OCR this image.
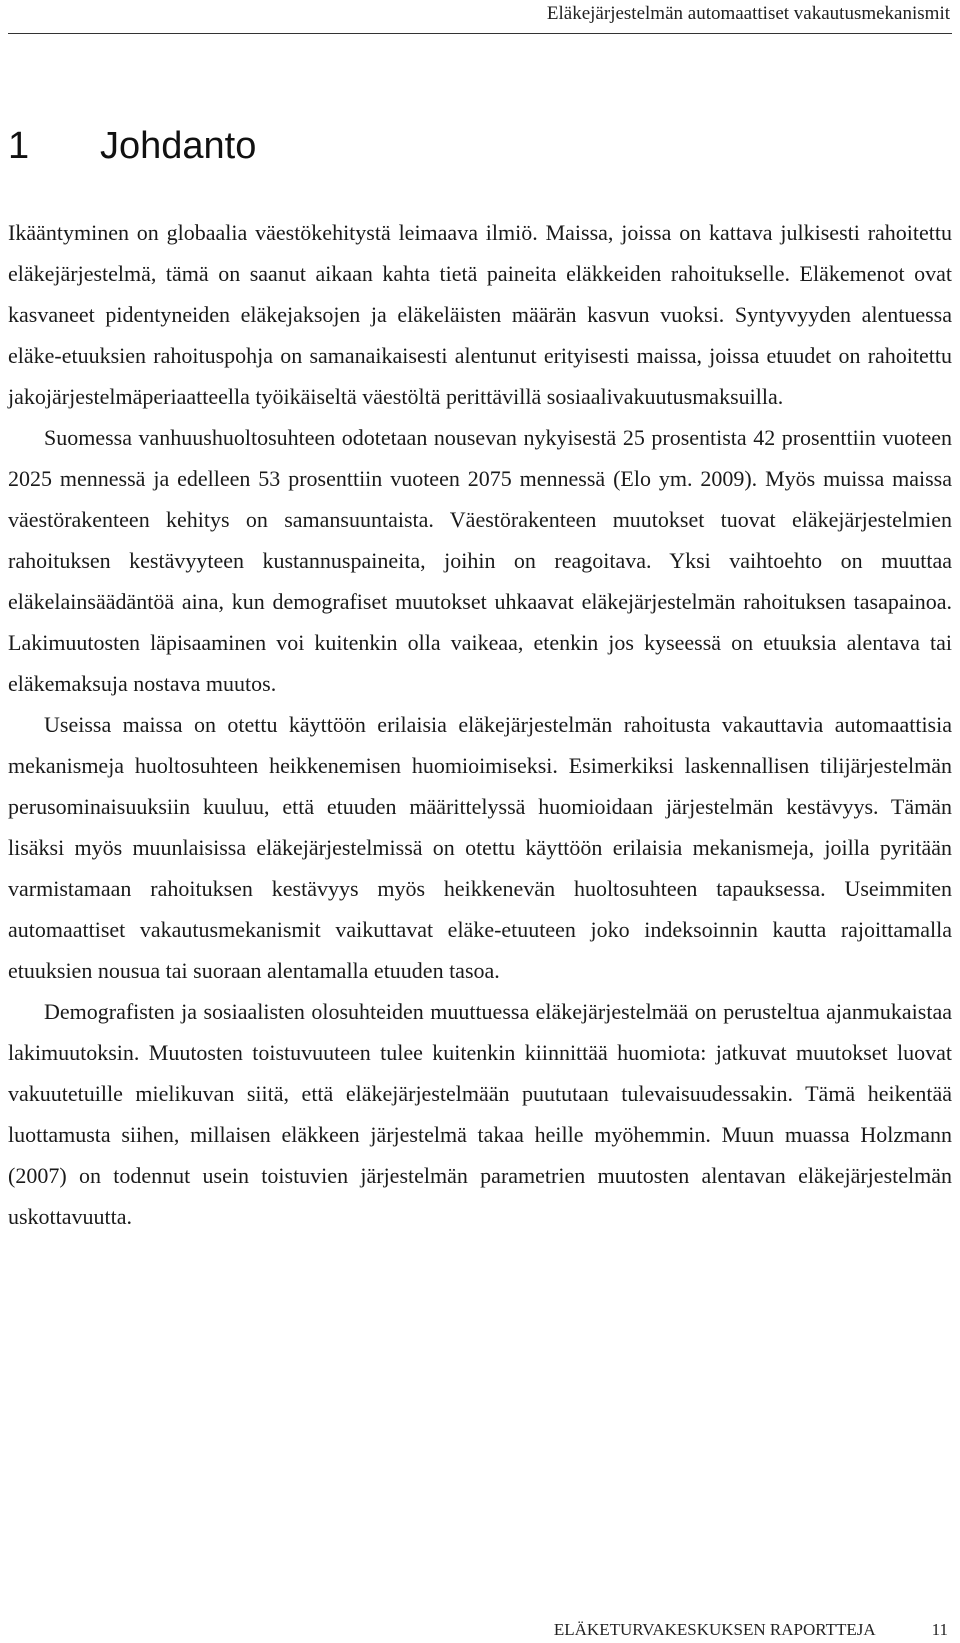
Eläkejärjestelmän automaattiset vakautusmekanismit
1 Johdanto

Ikääntyminen on globaalia väestökehitystä leimaava ilmiö. Maissa, joissa on kattava julkisesti rahoitettu eläkejärjestelmä, tämä on saanut aikaan kahta tietä paineita eläkkeiden rahoitukselle. Eläkemenot ovat kasvaneet pidentyneiden eläkejaksojen ja eläkeläisten määrän kasvun vuoksi. Syntyvyyden alentuessa eläke-etuuksien rahoituspohja on samanaikaisesti alentunut erityisesti maissa, joissa etuudet on rahoitettu jakojärjestelmäperiaatteella työikäiseltä väestöltä perittävillä sosiaalivakuutusmaksuilla.

Suomessa vanhuushuoltosuhteen odotetaan nousevan nykyisestä 25 prosentista 42 prosenttiin vuoteen 2025 mennessä ja edelleen 53 prosenttiin vuoteen 2075 mennessä (Elo ym. 2009). Myös muissa maissa väestörakenteen kehitys on samansuuntaista. Väestörakenteen muutokset tuovat eläkejärjestelmien rahoituksen kestävyyteen kustannuspaineita, joihin on reagoitava. Yksi vaihtoehto on muuttaa eläkelainsäädäntöä aina, kun demografiset muutokset uhkaavat eläkejärjestelmän rahoituksen tasapainoa. Lakimuutosten läpisaaminen voi kuitenkin olla vaikeaa, etenkin jos kyseessä on etuuksia alentava tai eläkemaksuja nostava muutos.

Useissa maissa on otettu käyttöön erilaisia eläkejärjestelmän rahoitusta vakauttavia automaattisia mekanismeja huoltosuhteen heikkenemisen huomioimiseksi. Esimerkiksi laskennallisen tilijärjestelmän perusominaisuuksiin kuuluu, että etuuden määrittelyssä huomioidaan järjestelmän kestävyys. Tämän lisäksi myös muunlaisissa eläkejärjestelmissä on otettu käyttöön erilaisia mekanismeja, joilla pyritään varmistamaan rahoituksen kestävyys myös heikkenevän huoltosuhteen tapauksessa. Useimmiten automaattiset vakautusmekanismit vaikuttavat eläke-etuuteen joko indeksoinnin kautta rajoittamalla etuuksien nousua tai suoraan alentamalla etuuden tasoa.

Demografisten ja sosiaalisten olosuhteiden muuttuessa eläkejärjestelmää on perusteltua ajanmukaistaa lakimuutoksin. Muutosten toistuvuuteen tulee kuitenkin kiinnittää huomiota: jatkuvat muutokset luovat vakuutetuille mielikuvan siitä, että eläkejärjestelmään puututaan tulevaisuudessakin. Tämä heikentää luottamusta siihen, millaisen eläkkeen järjestelmä takaa heille myöhemmin. Muun muassa Holzmann (2007) on todennut usein toistuvien järjestelmän parametrien muutosten alentavan eläkejärjestelmän uskottavuutta.

ELÄKETURVAKESKUKSEN RAPORTTEJA	11
